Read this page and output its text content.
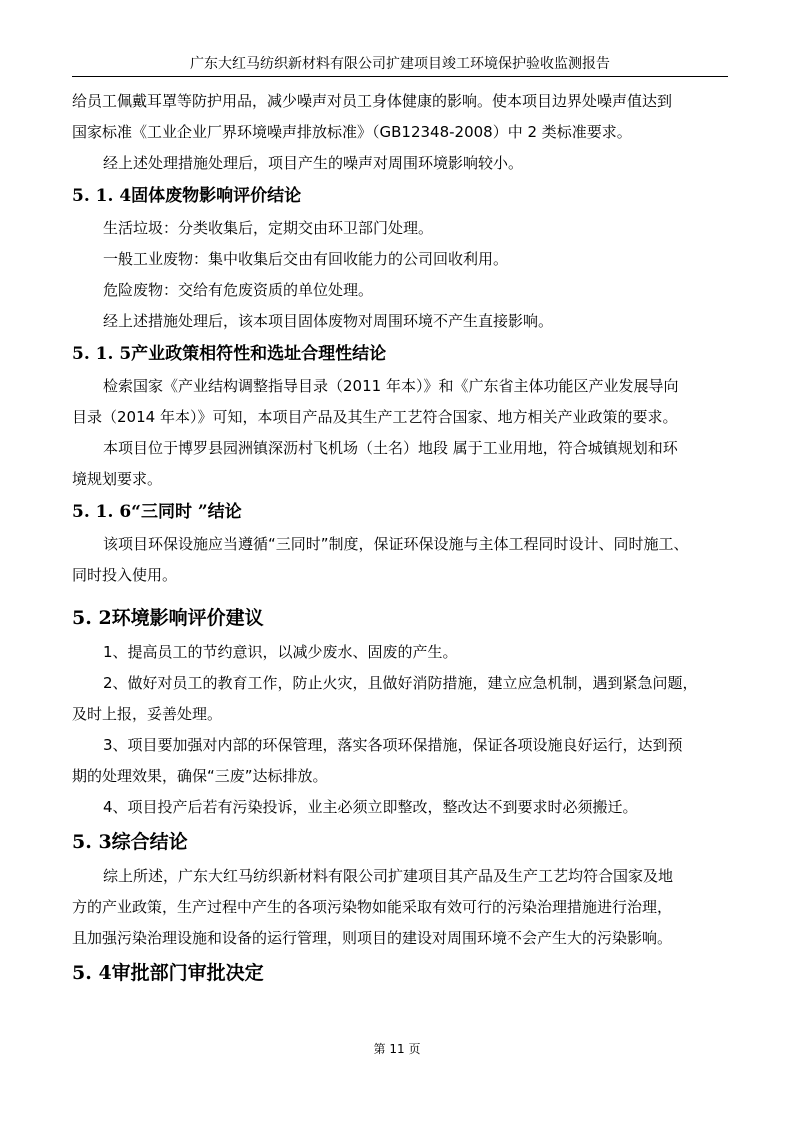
广东大红马纺织新材料有限公司扩建项目竣工环境保护验收监测报告

给员工佩戴耳罩等防护用品，减少噪声对员工身体健康的影响。使本项目边界处噪声值达到

国家标准《工业企业厂界环境噪声排放标准》（GB12348-2008）中 2 类标准要求。

经上述处理措施处理后，项目产生的噪声对周围环境影响较小。

5. 1. 4固体废物影响评价结论

生活垃圾：分类收集后，定期交由环卫部门处理。

一般工业废物：集中收集后交由有回收能力的公司回收利用。

危险废物：交给有危废资质的单位处理。

经上述措施处理后，该本项目固体废物对周围环境不产生直接影响。

5. 1. 5产业政策相符性和选址合理性结论

检索国家《产业结构调整指导目录（2011 年本）》和《广东省主体功能区产业发展导向

目录（2014 年本）》可知，本项目产品及其生产工艺符合国家、地方相关产业政策的要求。

本项目位于博罗县园洲镇深沥村飞机场（土名）地段 属于工业用地，符合城镇规划和环

境规划要求。

5. 1. 6“三同时 ”结论

该项目环保设施应当遵循“三同时”制度，保证环保设施与主体工程同时设计、同时施工、

同时投入使用。

5. 2环境影响评价建议

1、提高员工的节约意识，以减少废水、固废的产生。

2、做好对员工的教育工作，防止火灾，且做好消防措施，建立应急机制，遇到紧急问题，

及时上报，妥善处理。

3、项目要加强对内部的环保管理，落实各项环保措施，保证各项设施良好运行，达到预

期的处理效果，确保“三废”达标排放。

4、项目投产后若有污染投诉，业主必须立即整改，整改达不到要求时必须搬迁。

5. 3综合结论

综上所述，广东大红马纺织新材料有限公司扩建项目其产品及生产工艺均符合国家及地

方的产业政策，生产过程中产生的各项污染物如能采取有效可行的污染治理措施进行治理，

且加强污染治理设施和设备的运行管理，则项目的建设对周围环境不会产生大的污染影响。

5. 4审批部门审批决定
第 11 页
